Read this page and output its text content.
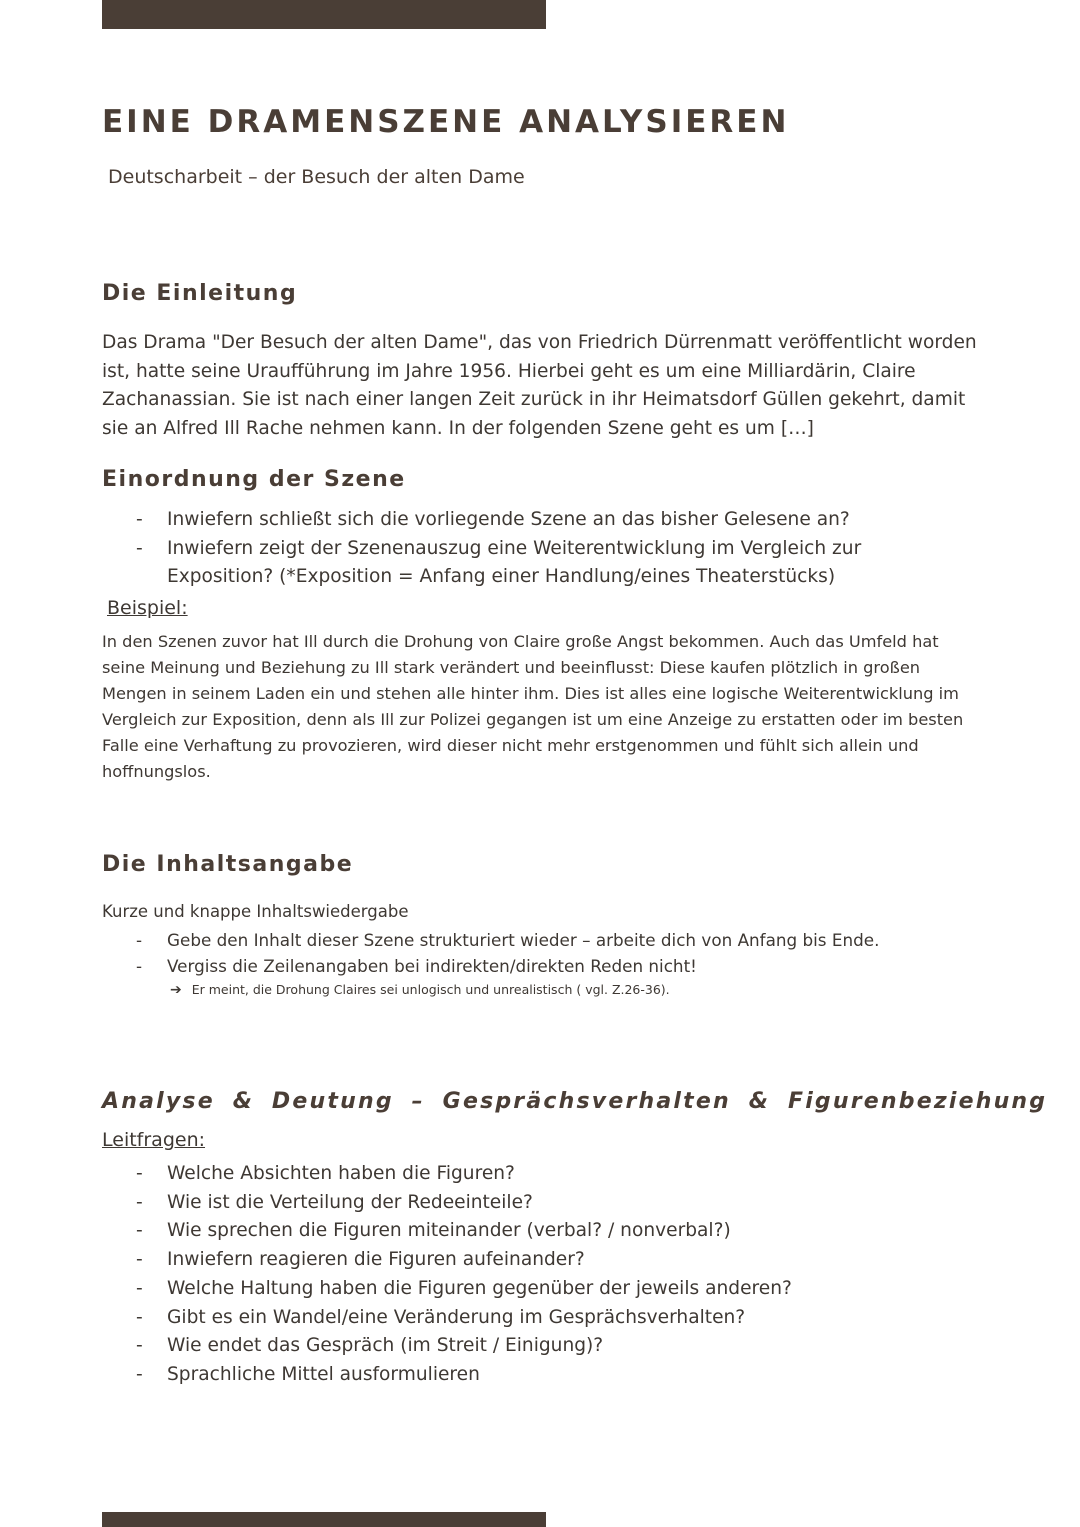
EINE DRAMENSZENE ANALYSIEREN
Deutscharbeit – der Besuch der alten Dame
Die Einleitung

Das Drama "Der Besuch der alten Dame", das von Friedrich Dürrenmatt veröffentlicht worden ist, hatte seine Uraufführung im Jahre 1956. Hierbei geht es um eine Milliardärin, Claire Zachanassian. Sie ist nach einer langen Zeit zurück in ihr Heimatsdorf Güllen gekehrt, damit sie an Alfred Ill Rache nehmen kann. In der folgenden Szene geht es um […]

Einordnung der Szene
- Inwiefern schließt sich die vorliegende Szene an das bisher Gelesene an?
- Inwiefern zeigt der Szenenauszug eine Weiterentwicklung im Vergleich zur Exposition? (*Exposition = Anfang einer Handlung/eines Theaterstücks)
Beispiel:

In den Szenen zuvor hat Ill durch die Drohung von Claire große Angst bekommen. Auch das Umfeld hat seine Meinung und Beziehung zu Ill stark verändert und beeinflusst: Diese kaufen plötzlich in großen Mengen in seinem Laden ein und stehen alle hinter ihm. Dies ist alles eine logische Weiterentwicklung im Vergleich zur Exposition, denn als Ill zur Polizei gegangen ist um eine Anzeige zu erstatten oder im besten Falle eine Verhaftung zu provozieren, wird dieser nicht mehr erstgenommen und fühlt sich allein und hoffnungslos.

Die Inhaltsangabe
Kurze und knappe Inhaltswiedergabe
- Gebe den Inhalt dieser Szene strukturiert wieder – arbeite dich von Anfang bis Ende.
- Vergiss die Zeilenangaben bei indirekten/direkten Reden nicht!
➔ Er meint, die Drohung Claires sei unlogisch und unrealistisch ( vgl. Z.26-36).
Analyse & Deutung – Gesprächsverhalten & Figurenbeziehung
Leitfragen:
- Welche Absichten haben die Figuren?
- Wie ist die Verteilung der Redeeinteile?
- Wie sprechen die Figuren miteinander (verbal? / nonverbal?)
- Inwiefern reagieren die Figuren aufeinander?
- Welche Haltung haben die Figuren gegenüber der jeweils anderen?
- Gibt es ein Wandel/eine Veränderung im Gesprächsverhalten?
- Wie endet das Gespräch (im Streit / Einigung)?
- Sprachliche Mittel ausformulieren
